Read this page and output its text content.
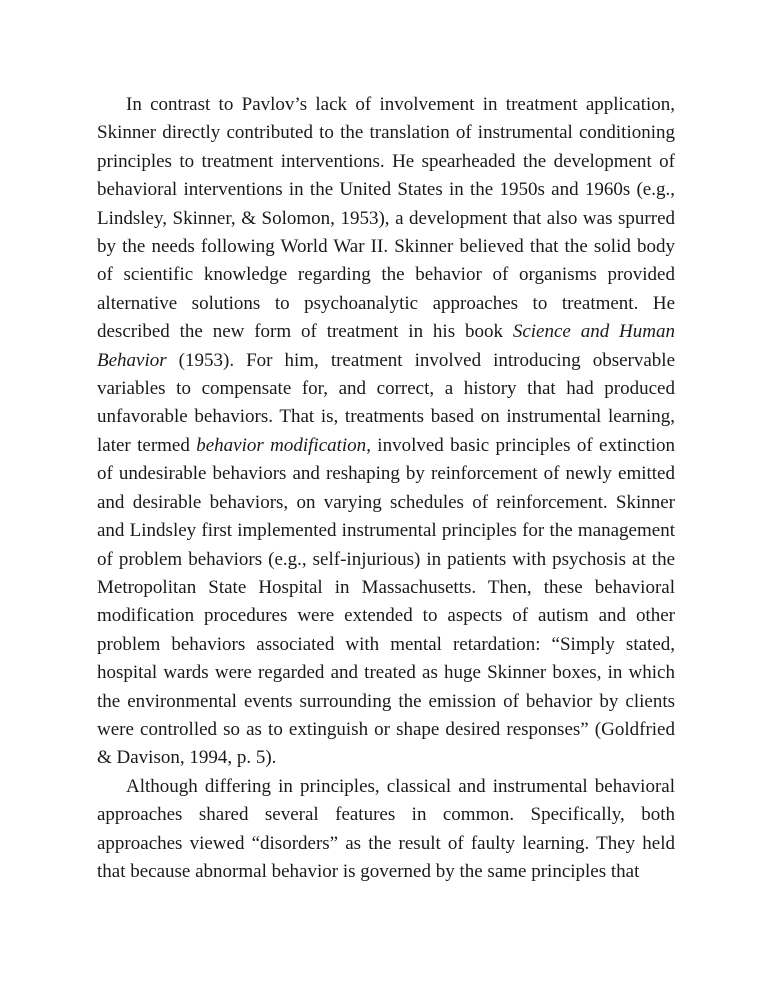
In contrast to Pavlov’s lack of involvement in treatment application, Skinner directly contributed to the translation of instrumental conditioning principles to treatment interventions. He spearheaded the development of behavioral interventions in the United States in the 1950s and 1960s (e.g., Lindsley, Skinner, & Solomon, 1953), a development that also was spurred by the needs following World War II. Skinner believed that the solid body of scientific knowledge regarding the behavior of organisms provided alternative solutions to psychoanalytic approaches to treatment. He described the new form of treatment in his book Science and Human Behavior (1953). For him, treatment involved introducing observable variables to compensate for, and correct, a history that had produced unfavorable behaviors. That is, treatments based on instrumental learning, later termed behavior modification, involved basic principles of extinction of undesirable behaviors and reshaping by reinforcement of newly emitted and desirable behaviors, on varying schedules of reinforcement. Skinner and Lindsley first implemented instrumental principles for the management of problem behaviors (e.g., self-injurious) in patients with psychosis at the Metropolitan State Hospital in Massachusetts. Then, these behavioral modification procedures were extended to aspects of autism and other problem behaviors associated with mental retardation: “Simply stated, hospital wards were regarded and treated as huge Skinner boxes, in which the environmental events surrounding the emission of behavior by clients were controlled so as to extinguish or shape desired responses” (Goldfried & Davison, 1994, p. 5).

Although differing in principles, classical and instrumental behavioral approaches shared several features in common. Specifically, both approaches viewed “disorders” as the result of faulty learning. They held that because abnormal behavior is governed by the same principles that
